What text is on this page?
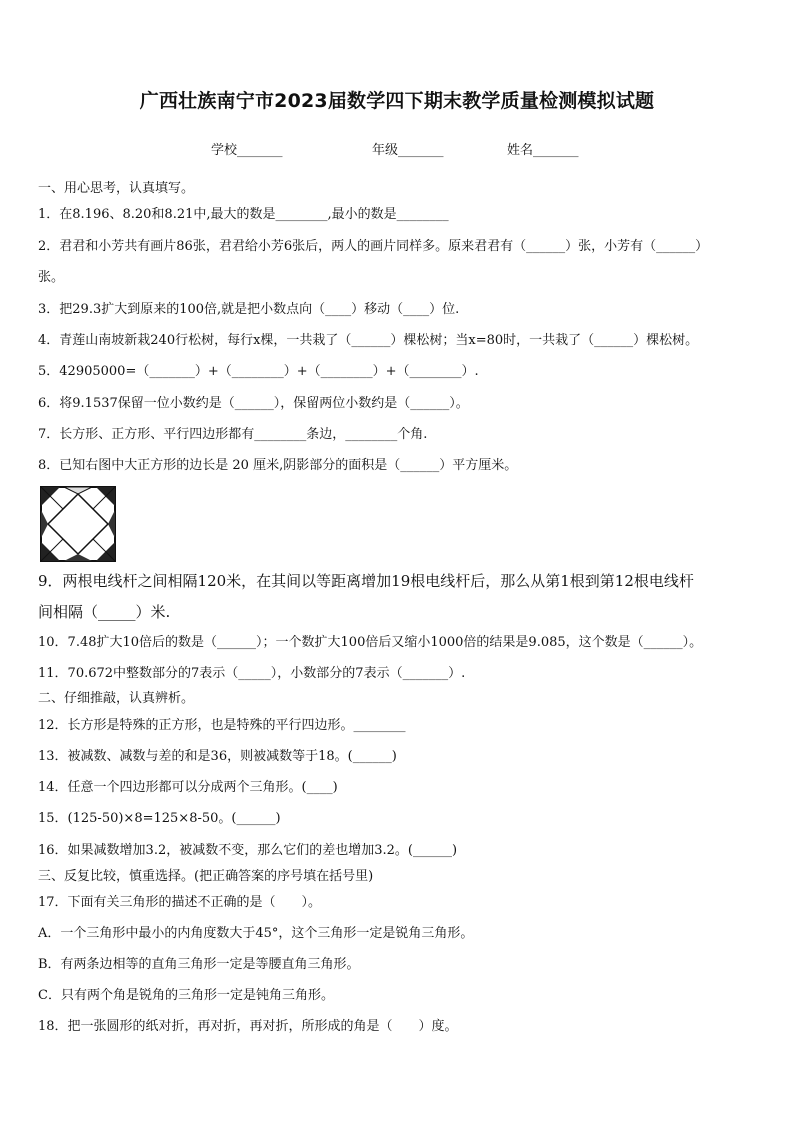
广西壮族南宁市2023届数学四下期末教学质量检测模拟试题
学校_______	年级_______	姓名_______
一、用心思考，认真填写。
1．在8.196、8.20和8.21中,最大的数是________,最小的数是________
2．君君和小芳共有画片86张，君君给小芳6张后，两人的画片同样多。原来君君有（______）张，小芳有（______）
张。
3．把29.3扩大到原来的100倍,就是把小数点向（____）移动（____）位.
4．青莲山南坡新栽240行松树，每行x棵，一共栽了（______）棵松树；当x=80时，一共栽了（______）棵松树。
5．42905000=（_______）+（________）+（________）+（________）.
6．将9.1537保留一位小数约是（______），保留两位小数约是（______）。
7．长方形、正方形、平行四边形都有________条边，________个角.
8．已知右图中大正方形的边长是 20 厘米,阴影部分的面积是（______）平方厘米。
9．两根电线杆之间相隔120米，在其间以等距离增加19根电线杆后，那么从第1根到第12根电线杆
间相隔（_____）米.
10．7.48扩大10倍后的数是（______）；一个数扩大100倍后又缩小1000倍的结果是9.085，这个数是（______）。
11．70.672中整数部分的7表示（_____），小数部分的7表示（_______）.
二、仔细推敲，认真辨析。
12．长方形是特殊的正方形，也是特殊的平行四边形。________
13．被减数、减数与差的和是36，则被减数等于18。(______)
14．任意一个四边形都可以分成两个三角形。(____)
15．(125-50)×8=125×8-50。(______)
16．如果减数增加3.2，被减数不变，那么它们的差也增加3.2。(______)
三、反复比较，慎重选择。(把正确答案的序号填在括号里)
17．下面有关三角形的描述不正确的是（　　）。
A．一个三角形中最小的内角度数大于45°，这个三角形一定是锐角三角形。
B．有两条边相等的直角三角形一定是等腰直角三角形。
C．只有两个角是锐角的三角形一定是钝角三角形。
18．把一张圆形的纸对折，再对折，再对折，所形成的角是（　　）度。
